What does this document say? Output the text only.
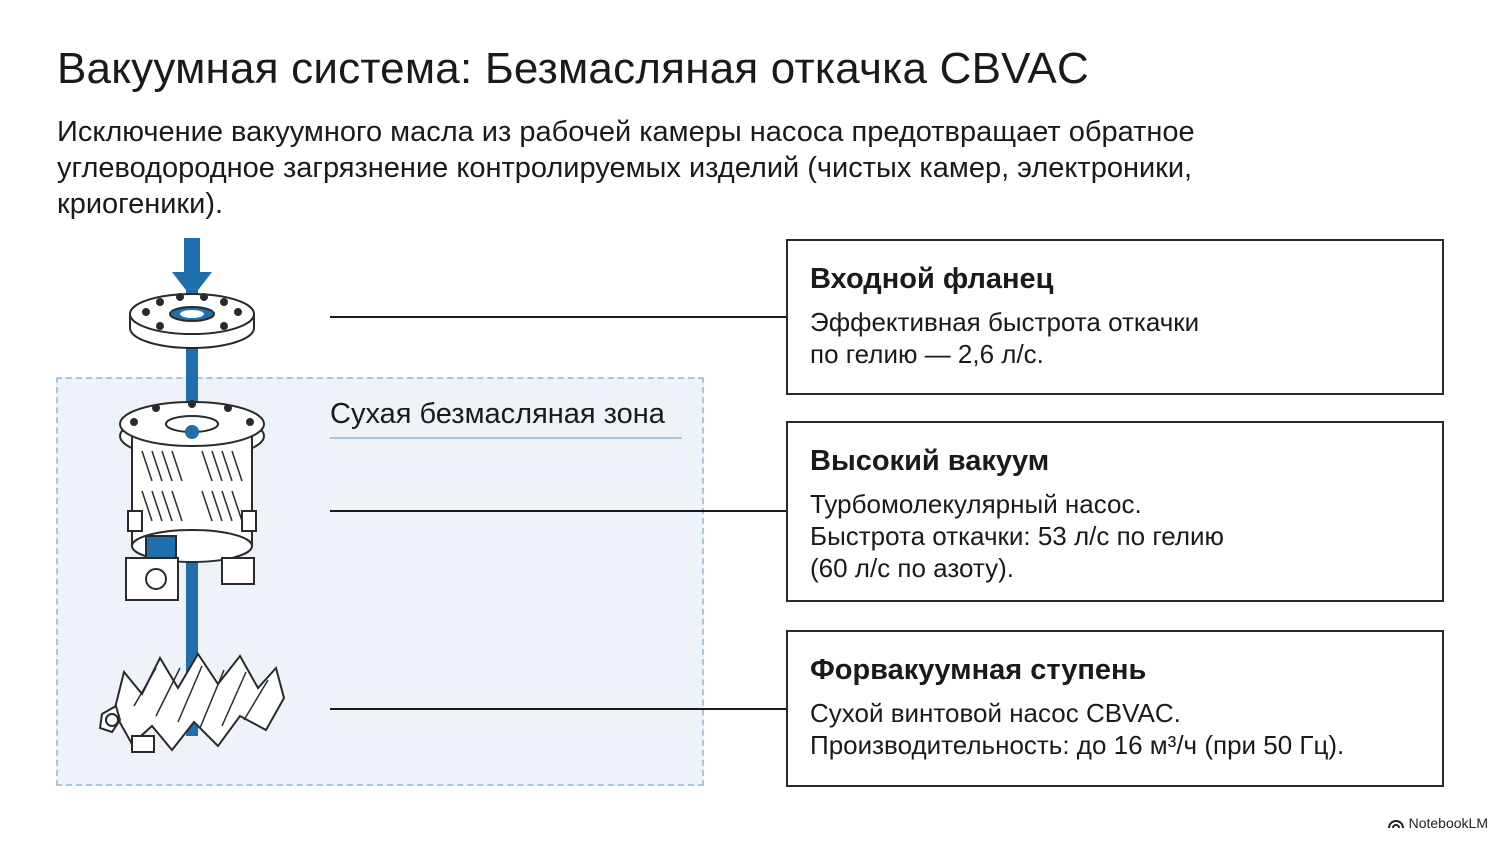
Вакуумная система: Безмасляная откачка CBVAC

Исключение вакуумного масла из рабочей камеры насоса предотвращает обратное углеводородное загрязнение контролируемых изделий (чистых камер, электроники, криогеники).

Сухая безмасляная зона
Входной фланец
Эффективная быстрота откачки
по гелию — 2,6 л/с.
Высокий вакуум
Турбомолекулярный насос.
Быстрота откачки: 53 л/с по гелию
(60 л/с по азоту).
Форвакуумная ступень
Сухой винтовой насос CBVAC.
Производительность: до 16 м³/ч (при 50 Гц).
NotebookLM
